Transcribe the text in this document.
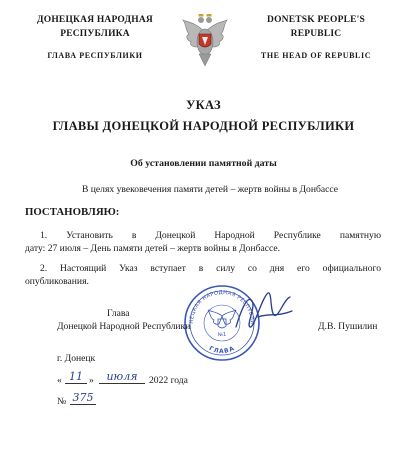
ДОНЕЦКАЯ НАРОДНАЯ
РЕСПУБЛИКА
ГЛАВА РЕСПУБЛИКИ
DONETSK PEOPLE'S
REPUBLIC
THE HEAD OF REPUBLIC
УКАЗ
ГЛАВЫ ДОНЕЦКОЙ НАРОДНОЙ РЕСПУБЛИКИ
Об установлении памятной даты
В целях увековечения памяти детей – жертв войны в Донбассе
ПОСТАНОВЛЯЮ:
1. Установить в Донецкой Народной Республике памятную
дату: 27 июля – День памяти детей – жертв войны в Донбассе.
2. Настоящий Указ вступает в силу со дня его официального
опубликования.
НЕЦКАЯ НАРОДНАЯ РЕСПУБЛИ
ГЛАВА
№1
Глава
Донецкой Народной Республики	Д.В. Пушилин
г. Донецк
« 11 »	июля	2022 года
№ 375
